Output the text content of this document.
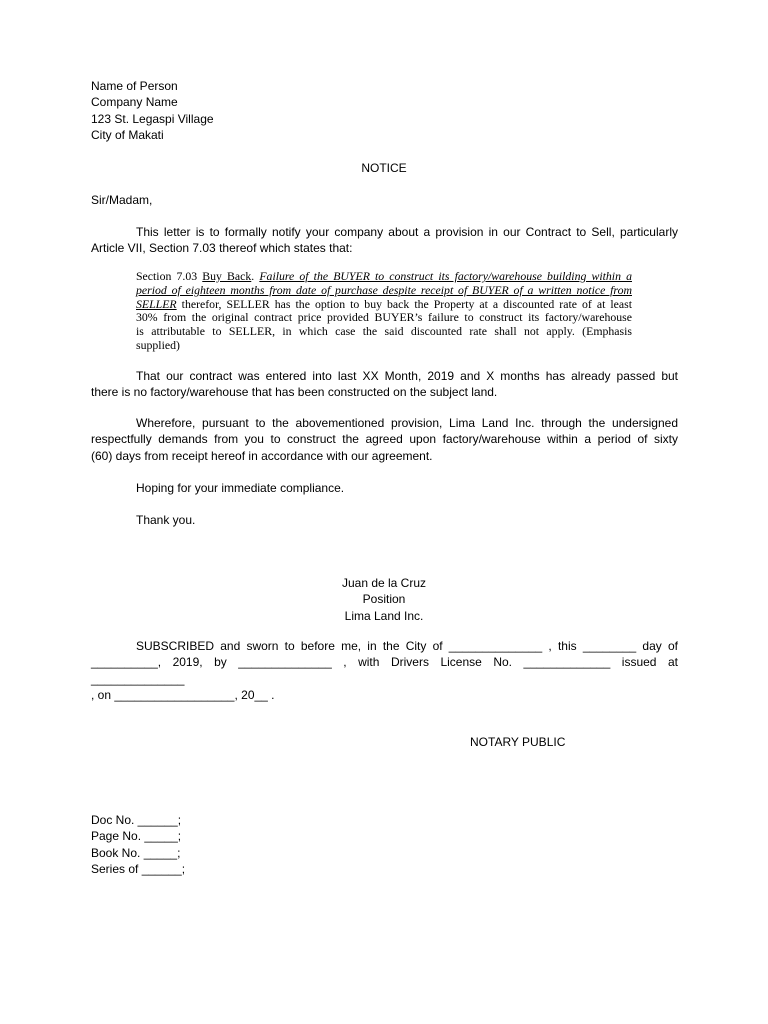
Name of Person
Company Name
123 St. Legaspi Village
City of Makati
NOTICE
Sir/Madam,
This letter is to formally notify your company about a provision in our Contract to Sell, particularly
Article VII, Section 7.03 thereof which states that:
Section 7.03 Buy Back. Failure of the BUYER to construct its factory/warehouse building within a
period of eighteen months from date of purchase despite receipt of BUYER of a written notice from
SELLER therefor, SELLER has the option to buy back the Property at a discounted rate of at least
30% from the original contract price provided BUYER’s failure to construct its factory/warehouse
is attributable to SELLER, in which case the said discounted rate shall not apply. (Emphasis
supplied)
That our contract was entered into last XX Month, 2019 and X months has already passed but
there is no factory/warehouse that has been constructed on the subject land.
Wherefore, pursuant to the abovementioned provision, Lima Land Inc. through the undersigned
respectfully demands from you to construct the agreed upon factory/warehouse within a period of sixty
(60) days from receipt hereof in accordance with our agreement.
Hoping for your immediate compliance.
Thank you.
Juan de la Cruz
Position
Lima Land Inc.
SUBSCRIBED and sworn to before me, in the City of ______________ , this ________ day of
__________, 2019, by ______________ , with Drivers License No. _____________ issued at ______________
, on __________________, 20__ .
NOTARY PUBLIC
Doc No. ______;
Page No. _____;
Book No. _____;
Series of ______;
